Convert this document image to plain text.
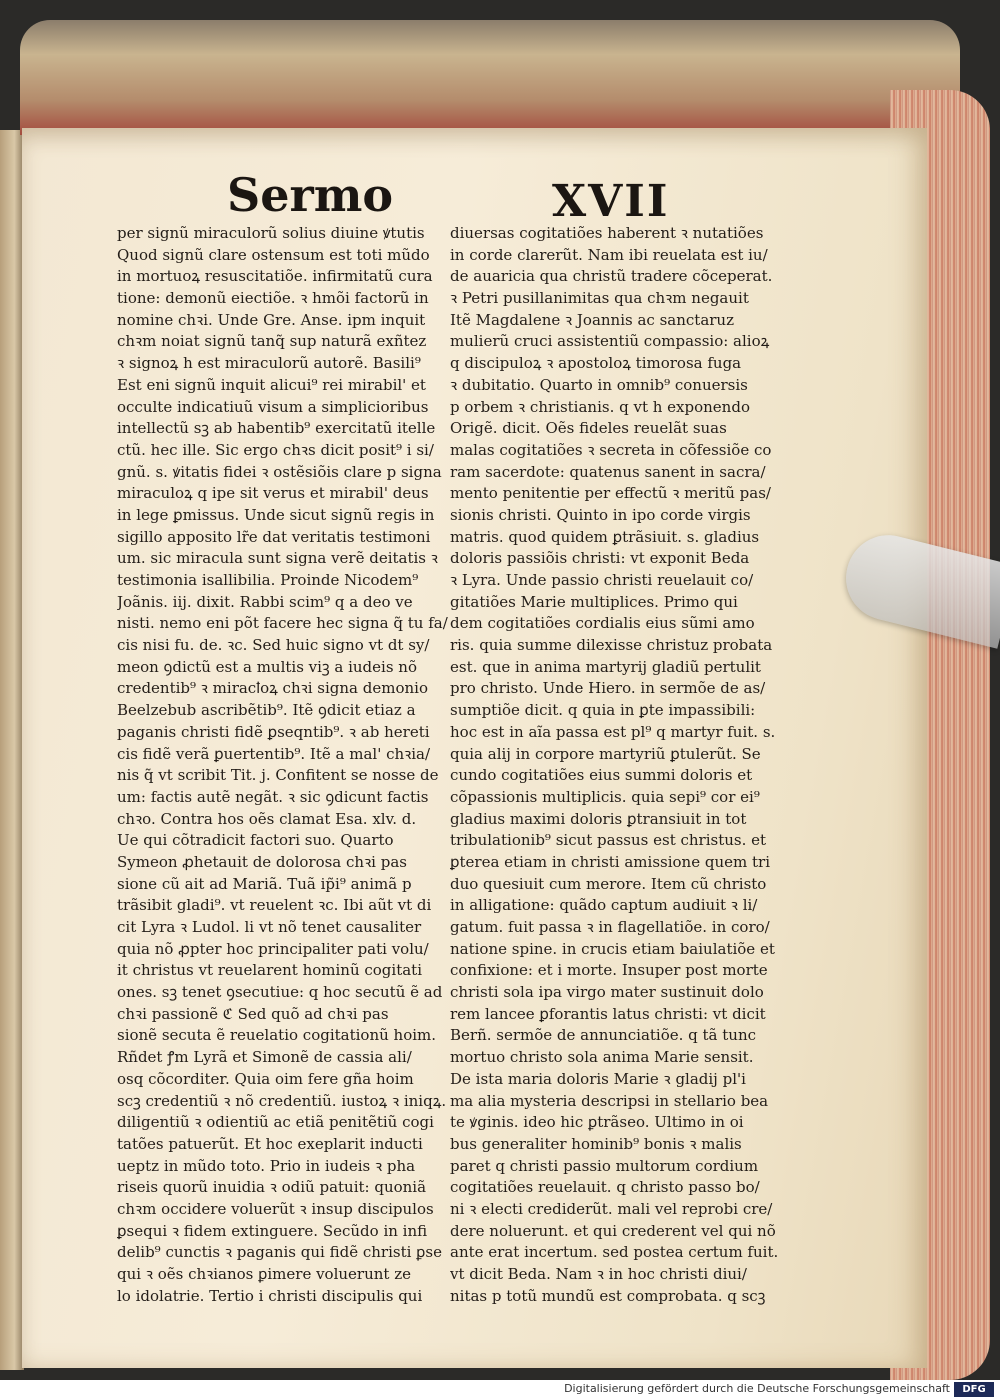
Sermo	XVII
per signũ miraculorũ solius diuine ꝟtutis
Quod signũ clare ostensum est toti mũdo
in mortuoꝝ resuscitatiõe. infirmitatũ cura
tione: demonũ eiectiõe. ꝛ hmõi factorũ in
nomine chꝛi. Unde Gre. Anse. ipm inquit
chꝛm noiat signũ tanq̃ sup naturã exñtez
ꝛ signoꝝ h est miraculorũ autorẽ. Basili⁹
Est eni signũ inquit alicui⁹ rei mirabil' et
occulte indicatiuũ visum a simplicioribus
intellectũ sꝫ ab habentib⁹ exercitatũ itelle
ctũ. hec ille. Sic ergo chꝛs dicit posit⁹ i si/
gnũ. s. ꝟitatis fidei ꝛ ostẽsiõis clare p signa
miraculoꝝ q ipe sit verus et mirabil' deus
in lege ꝑmissus. Unde sicut signũ regis in
sigillo apposito lr̃e dat veritatis testimoni
um. sic miracula sunt signa verẽ deitatis ꝛ
testimonia isallibilia. Proinde Nicodem⁹
Joãnis. iij. dixit. Rabbi scim⁹ q a deo ve
nisti. nemo eni põt facere hec signa q̃ tu fa/
cis nisi fu. de. ꝛc. Sed huic signo vt dt sy/
meon ꝯdictũ est a multis viꝫ a iudeis nõ
credentib⁹ ꝛ miracꝉoꝝ chꝛi signa demonio
Beelzebub ascribẽtib⁹. Itẽ ꝯdicit etiaz a
paganis christi fidẽ ꝑseqntib⁹. ꝛ ab hereti
cis fidẽ verã ꝑuertentib⁹. Itẽ a mal' chꝛia/
nis q̃ vt scribit Tit. j. Confitent se nosse de
um: factis autẽ negãt. ꝛ sic ꝯdicunt factis
chꝛo. Contra hos oẽs clamat Esa. xlv. d.
Ue qui cõtradicit factori suo. Quarto
Symeon ꝓhetauit de dolorosa chꝛi pas
sione cũ ait ad Mariã. Tuã ip̃i⁹ animã p
trãsibit gladi⁹. vt reuelent ꝛc. Ibi aũt vt di
cit Lyra ꝛ Ludol. li vt nõ tenet causaliter
quia nõ ꝓpter hoc principaliter pati volu/
it christus vt reuelarent hominũ cogitati
ones. sꝫ tenet ꝯsecutiue: q hoc secutũ ẽ ad
chꝛi passionẽ ℭ Sed quõ ad chꝛi pas
sionẽ secuta ẽ reuelatio cogitationũ hoim.
Rñdet ꝭm Lyrã et Simonẽ de cassia ali/
osq cõcorditer. Quia oim fere gña hoim
scꝫ credentiũ ꝛ nõ credentiũ. iustoꝝ ꝛ iniqꝝ.
diligentiũ ꝛ odientiũ ac etiã penitẽtiũ cogi
tatões patuerũt. Et hoc exeplarit inducti
ueptz in mũdo toto. Prio in iudeis ꝛ pha
riseis quorũ inuidia ꝛ odiũ patuit: quoniã
chꝛm occidere voluerũt ꝛ insup discipulos
ꝑsequi ꝛ fidem extinguere. Secũdo in infi
delib⁹ cunctis ꝛ paganis qui fidẽ christi ꝑse
qui ꝛ oẽs chꝛianos ꝑimere voluerunt ze
lo idolatrie. Tertio i christi discipulis qui
diuersas cogitatiões haberent ꝛ nutatiões
in corde clarerũt. Nam ibi reuelata est iu/
de auaricia qua christũ tradere cõceperat.
ꝛ Petri pusillanimitas qua chꝛm negauit
Itẽ Magdalene ꝛ Joannis ac sanctaruz
mulierũ cruci assistentiũ compassio: alioꝝ
q discipuloꝝ ꝛ apostoloꝝ timorosa fuga
ꝛ dubitatio. Quarto in omnib⁹ conuersis
p orbem ꝛ christianis. q vt h exponendo
Origẽ. dicit. Oẽs fideles reuelãt suas
malas cogitatiões ꝛ secreta in cõfessiõe co
ram sacerdote: quatenus sanent in sacra/
mento penitentie per effectũ ꝛ meritũ pas/
sionis christi. Quinto in ipo corde virgis
matris. quod quidem ꝑtrãsiuit. s. gladius
doloris passiõis christi: vt exponit Beda
ꝛ Lyra. Unde passio christi reuelauit co/
gitatiões Marie multiplices. Primo qui
dem cogitatiões cordialis eius sũmi amo
ris. quia summe dilexisse christuz probata
est. que in anima martyrij gladiũ pertulit
pro christo. Unde Hiero. in sermõe de as/
sumptiõe dicit. q quia in ꝑte impassibili:
hoc est in aĩa passa est pl⁹ q martyr fuit. s.
quia alij in corpore martyriũ ꝑtulerũt. Se
cundo cogitatiões eius summi doloris et
cõpassionis multiplicis. quia sepi⁹ cor ei⁹
gladius maximi doloris ꝑtransiuit in tot
tribulationib⁹ sicut passus est christus. et
ꝑterea etiam in christi amissione quem tri
duo quesiuit cum merore. Item cũ christo
in alligatione: quãdo captum audiuit ꝛ li/
gatum. fuit passa ꝛ in flagellatiõe. in coro/
natione spine. in crucis etiam baiulatiõe et
confixione: et i morte. Insuper post morte
christi sola ipa virgo mater sustinuit dolo
rem lancee ꝑforantis latus christi: vt dicit
Berñ. sermõe de annunciatiõe. q tã tunc
mortuo christo sola anima Marie sensit.
De ista maria doloris Marie ꝛ gladij pl'i
ma alia mysteria descripsi in stellario bea
te ꝟginis. ideo hic ꝑtrãseo. Ultimo in oi
bus generaliter hominib⁹ bonis ꝛ malis
paret q christi passio multorum cordium
cogitatiões reuelauit. q christo passo bo/
ni ꝛ electi crediderũt. mali vel reprobi cre/
dere noluerunt. et qui crederent vel qui nõ
ante erat incertum. sed postea certum fuit.
vt dicit Beda. Nam ꝛ in hoc christi diui/
nitas p totũ mundũ est comprobata. q scꝫ
Digitalisierung gefördert durch die Deutsche Forschungsgemeinschaft	DFG
